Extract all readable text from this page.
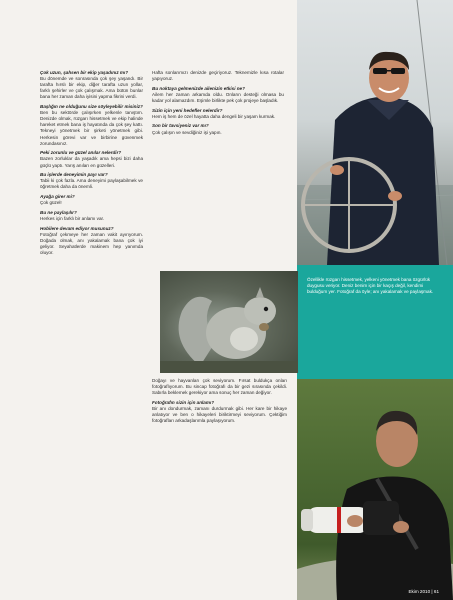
Çok uzun, şahsen bir ekip yaşadınız mı?

Bu dönemde ve sonrasında çok şey yaşandı. Bir tarafta hırslı bir ekip, diğer tarafta uzun yollar, farklı şehirler ve çok çalışmak. Ama bütün bunlar bana her zaman daha iyisini yapma fikrini verdi.

Başlığın ne olduğunu size söyleyebilir misiniz?

Ben bu sektörde çalışırken yelkenle tanıştım. Denizde olmak, rüzgarı hissetmek ve ekip halinde hareket etmek bana iş hayatında da çok şey kattı. Tekneyi yönetmek bir şirketi yönetmek gibi. Herkesin görevi var ve birbirine güvenmek zorundasınız.

Peki zorunlu ve güzel anılar nelerdir?

Bazen zorluklar da yaşadık ama hepsi bizi daha güçlü yaptı. Yarış anıları en güzelleri.

Bu işlerde deneyimin payı var?

Tabii ki çok fazla. Ama deneyimi paylaşabilmek ve öğretmek daha da önemli.

Ayağa girer mi?

Çok güzel!

Bu ne paylaşılır?

Herkes için farklı bir anlamı var.

Hobilere devam ediyor musunuz?

Fotoğraf çekmeye her zaman vakit ayırıyorum. Doğada olmak, anı yakalamak bana çok iyi geliyor. Seyahatlerde makinem hep yanımda oluyor.

Hafta sonlarımızı denizde geçiriyoruz. Teknemizle kısa rotalar yapıyoruz.

Bu noktaya gelmenizde ailenizin etkisi ne?

Ailem her zaman arkamda oldu. Onların desteği olmasa bu kadar yol alamazdım. Eşimle birlikte pek çok projeye başladık.

Sizin için yeni hedefler nelerdir?

Hem iş hem de özel hayatta daha dengeli bir yaşam kurmak.

Son bir tavsiyeniz var mı?

Çok çalışın ve sevdiğiniz işi yapın.

Doğayı ve hayvanları çok seviyorum. Fırsat buldukça onları fotoğraflıyorum. Bu sincap fotoğrafı da bir gezi sırasında çekildi. Sabırla beklemek gerekiyor ama sonuç her zaman değiyor.

Fotoğrafın sizin için anlamı?

Bir anı dondurmak, zamanı durdurmak gibi. Her kare bir hikaye anlatıyor ve ben o hikayeleri biriktirmeyi seviyorum. Çektiğim fotoğrafları arkadaşlarımla paylaşıyorum.

Özellikle rüzgarı hissetmek, yelkeni yönetmek bana özgürlük duygusu veriyor. Deniz benim için bir kaçış değil, kendimi bulduğum yer. Fotoğraf da öyle; anı yakalamak ve paylaşmak.
Ekim 2010 | 61
